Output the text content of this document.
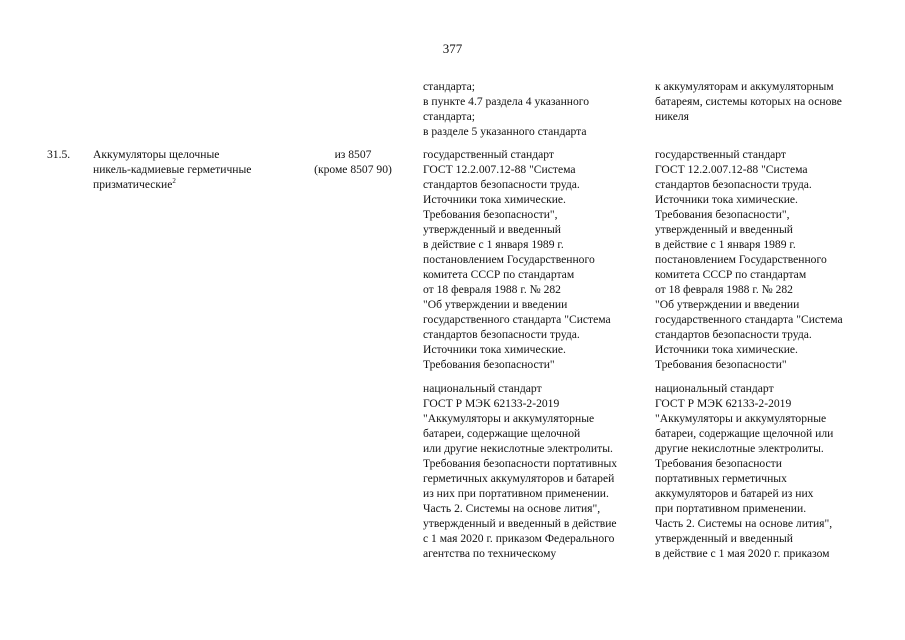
377

стандарта;
в пункте 4.7 раздела 4 указанного
стандарта;
в разделе 5 указанного стандарта

к аккумуляторам и аккумуляторным
батареям, системы которых на основе
никеля

31.5. Аккумуляторы щелочные
никель-кадмиевые герметичные
призматические$^2$

из 8507
(кроме 8507 90)

государственный стандарт
ГОСТ 12.2.007.12-88 "Система
стандартов безопасности труда.
Источники тока химические.
Требования безопасности",
утвержденный и введенный
в действие с 1 января 1989 г.
постановлением Государственного
комитета СССР по стандартам
от 18 февраля 1988 г. № 282
"Об утверждении и введении
государственного стандарта "Система
стандартов безопасности труда.
Источники тока химические.
Требования безопасности"

государственный стандарт
ГОСТ 12.2.007.12-88 "Система
стандартов безопасности труда.
Источники тока химические.
Требования безопасности",
утвержденный и введенный
в действие с 1 января 1989 г.
постановлением Государственного
комитета СССР по стандартам
от 18 февраля 1988 г. № 282
"Об утверждении и введении
государственного стандарта "Система
стандартов безопасности труда.
Источники тока химические.
Требования безопасности"

национальный стандарт
ГОСТ Р МЭК 62133-2-2019
"Аккумуляторы и аккумуляторные
батареи, содержащие щелочной
или другие некислотные электролиты.
Требования безопасности портативных
герметичных аккумуляторов и батарей
из них при портативном применении.
Часть 2. Системы на основе лития",
утвержденный и введенный в действие
с 1 мая 2020 г. приказом Федерального
агентства по техническому

национальный стандарт
ГОСТ Р МЭК 62133-2-2019
"Аккумуляторы и аккумуляторные
батареи, содержащие щелочной или
другие некислотные электролиты.
Требования безопасности
портативных герметичных
аккумуляторов и батарей из них
при портативном применении.
Часть 2. Системы на основе лития",
утвержденный и введенный
в действие с 1 мая 2020 г. приказом
